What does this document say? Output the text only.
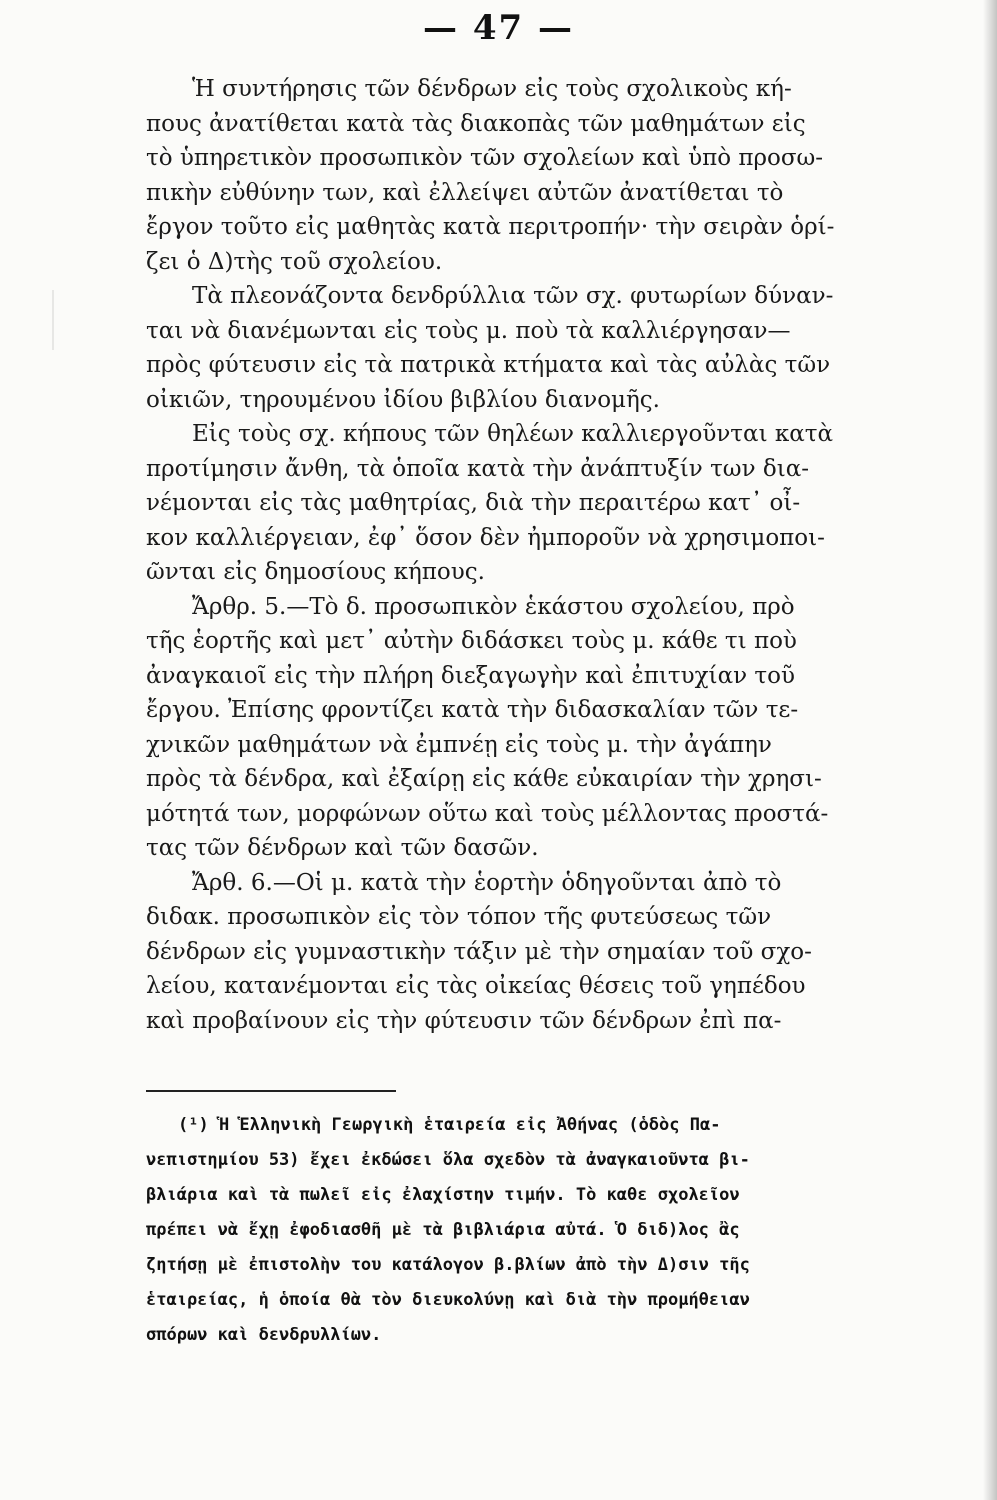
— 47 —
Ἡ συντήρησις τῶν δένδρων εἰς τοὺς σχολικοὺς κή-
πους ἀνατίθεται κατὰ τὰς διακοπὰς τῶν μαθημάτων εἰς
τὸ ὑπηρετικὸν προσωπικὸν τῶν σχολείων καὶ ὑπὸ προσω-
πικὴν εὐθύνην των, καὶ ἐλλείψει αὐτῶν ἀνατίθεται τὸ
ἔργον τοῦτο εἰς μαθητὰς κατὰ περιτροπήν· τὴν σειρὰν ὁρί-
ζει ὁ Δ)τὴς τοῦ σχολείου.
Τὰ πλεονάζοντα δενδρύλλια τῶν σχ. φυτωρίων δύναν-
ται νὰ διανέμωνται εἰς τοὺς μ. ποὺ τὰ καλλιέργησαν—
πρὸς φύτευσιν εἰς τὰ πατρικὰ κτήματα καὶ τὰς αὐλὰς τῶν
οἰκιῶν, τηρουμένου ἰδίου βιβλίου διανομῆς.
Εἰς τοὺς σχ. κήπους τῶν θηλέων καλλιεργοῦνται κατὰ
προτίμησιν ἄνθη, τὰ ὁποῖα κατὰ τὴν ἀνάπτυξίν των δια-
νέμονται εἰς τὰς μαθητρίας, διὰ τὴν περαιτέρω κατ᾽ οἶ-
κον καλλιέργειαν, ἐφ᾽ ὅσον δὲν ἠμποροῦν νὰ χρησιμοποι-
ῶνται εἰς δημοσίους κήπους.
Ἄρθρ. 5.—Τὸ δ. προσωπικὸν ἑκάστου σχολείου, πρὸ
τῆς ἑορτῆς καὶ μετ᾽ αὐτὴν διδάσκει τοὺς μ. κάθε τι ποὺ
ἀναγκαιοῖ εἰς τὴν πλήρη διεξαγωγὴν καὶ ἐπιτυχίαν τοῦ
ἔργου. Ἐπίσης φροντίζει κατὰ τὴν διδασκαλίαν τῶν τε-
χνικῶν μαθημάτων νὰ ἐμπνέῃ εἰς τοὺς μ. τὴν ἀγάπην
πρὸς τὰ δένδρα, καὶ ἐξαίρῃ εἰς κάθε εὐκαιρίαν τὴν χρησι-
μότητά των, μορφώνων οὕτω καὶ τοὺς μέλλοντας προστά-
τας τῶν δένδρων καὶ τῶν δασῶν.
Ἄρθ. 6.—Οἱ μ. κατὰ τὴν ἑορτὴν ὁδηγοῦνται ἀπὸ τὸ
διδακ. προσωπικὸν εἰς τὸν τόπον τῆς φυτεύσεως τῶν
δένδρων εἰς γυμναστικὴν τάξιν μὲ τὴν σημαίαν τοῦ σχο-
λείου, κατανέμονται εἰς τὰς οἰκείας θέσεις τοῦ γηπέδου
καὶ προβαίνουν εἰς τὴν φύτευσιν τῶν δένδρων ἐπὶ πα-
(¹) Ἡ Ἑλληνικὴ Γεωργικὴ ἑταιρεία εἰς Ἀθήνας (ὁδὸς Πα-
νεπιστημίου 53) ἔχει ἐκδώσει ὅλα σχεδὸν τὰ ἀναγκαιοῦντα βι-
βλιάρια καὶ τὰ πωλεῖ εἰς ἐλαχίστην τιμήν. Τὸ καθε σχολεῖον
πρέπει νὰ ἔχῃ ἐφοδιασθῆ μὲ τὰ βιβλιάρια αὐτά. Ὁ διδ)λος ἂς
ζητήσῃ μὲ ἐπιστολὴν του κατάλογον β.βλίων ἀπὸ τὴν Δ)σιν τῆς
ἑταιρείας, ἡ ὁποία θὰ τὸν διευκολύνῃ καὶ διὰ τὴν προμήθειαν
σπόρων καὶ δενδρυλλίων.
